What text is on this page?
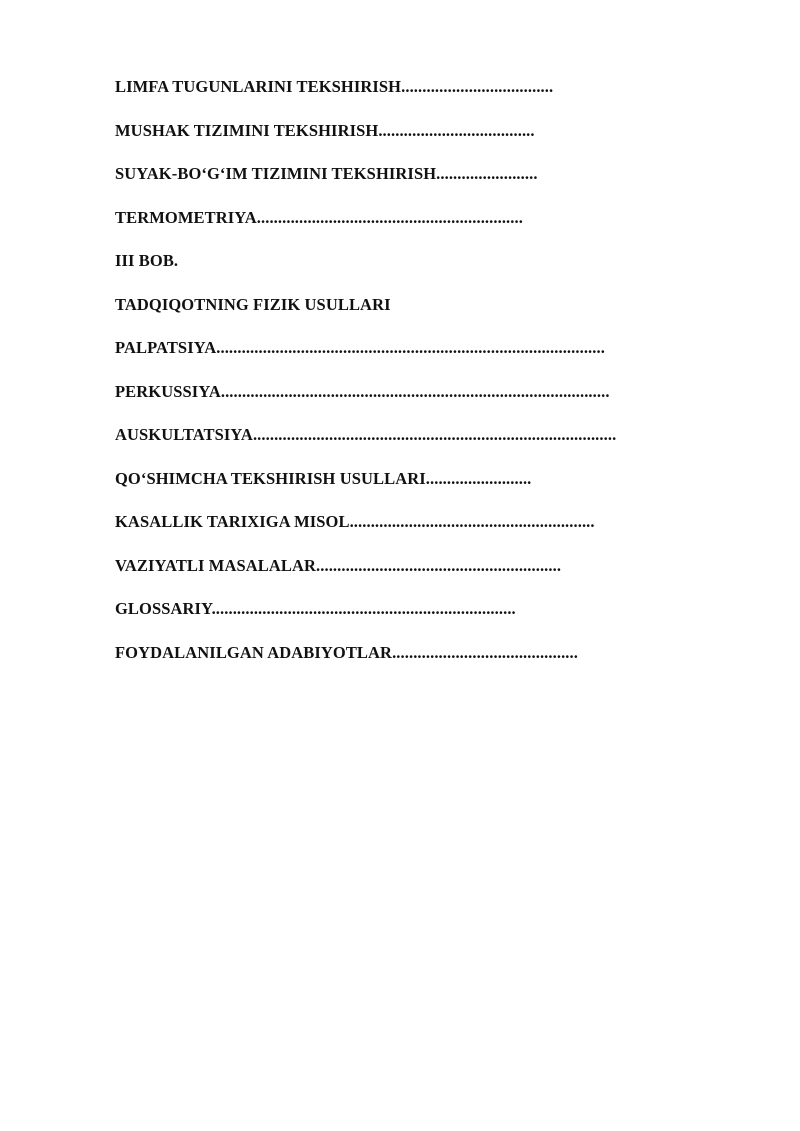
LIMFA TUGUNLARINI TEKSHIRISH....................................
MUSHAK TIZIMINI TEKSHIRISH.....................................
SUYAK-BO‘G‘IM TIZIMINI TEKSHIRISH........................
TERMOMETRIYA...............................................................
III BOB.
TADQIQOTNING FIZIK USULLARI
PALPATSIYA............................................................................................
PERKUSSIYA............................................................................................
AUSKULTATSIYA......................................................................................
QO‘SHIMCHA TEKSHIRISH USULLARI.........................
KASALLIK TARIXIGA MISOL..........................................................
VAZIYATLI MASALALAR..........................................................
GLOSSARIY........................................................................
FOYDALANILGAN ADABIYOTLAR............................................
